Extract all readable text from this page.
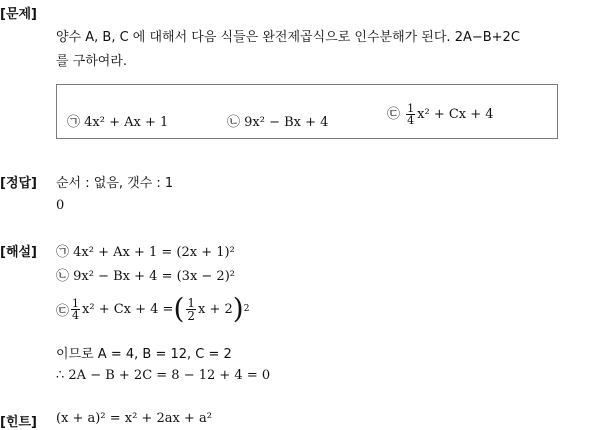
[문제]
양수 A, B, C 에 대해서 다음 식들은 완전제곱식으로 인수분해가 된다. 2A−B+2C
를 구하여라.
㉠ 4x² + Ax + 1	㉡ 9x² − Bx + 4
㉢ $\frac{1}{4} x^2 + Cx + 4$
[정답] 순서 : 없음, 갯수 : 1
0
[해설] ㉠ 4x² + Ax + 1 = (2x + 1)²
㉡ 9x² − Bx + 4 = (3x − 2)²
㉢ $\frac{1}{4} x^2 + Cx + 4$ = ( $\frac{1}{2}$ x + 2 ) 2
이므로 A = 4, B = 12, C = 2
∴ 2A − B + 2C = 8 − 12 + 4 = 0
[힌트] (x + a)² = x² + 2ax + a²
